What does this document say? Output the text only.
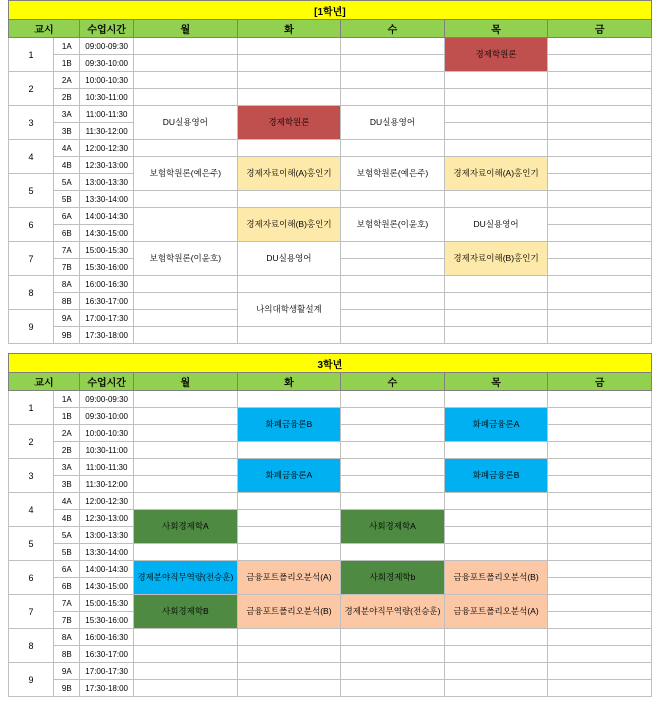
	[1학년]							
	교시		수업시간	월	화	수	목	금
	1	1A	09:00-09:30				경제학원론	
		1B	09:30-10:00					
	2	2A	10:00-10:30					
		2B	10:30-11:00					
	3	3A	11:00-11:30	DU실용영어	경제학원론	DU실용영어		
		3B	11:30-12:00					
	4	4A	12:00-12:30					
		4B	12:30-13:00	보험학원론(예은주)	경제자료이해(A)홍인기	보험학원론(예은주)	경제자료이해(A)홍인기	
	5	5A	13:00-13:30					
		5B	13:30-14:00					
	6	6A	14:00-14:30		경제자료이해(B)홍인기	보험학원론(이윤호)	DU실용영어	
		6B	14:30-15:00					
	7	7A	15:00-15:30	보험학원론(이윤호)	DU실용영어		경제자료이해(B)홍인기	
		7B	15:30-16:00					
	8	8A	16:00-16:30					
		8B	16:30-17:00		나의대학생활설계			
	9	9A	17:00-17:30					
		9B	17:30-18:00					
	3학년							
	교시		수업시간	월	화	수	목	금
	1	1A	09:00-09:30					
		1B	09:30-10:00		화폐금융론B		화폐금융론A	
	2	2A	10:00-10:30					
		2B	10:30-11:00					
	3	3A	11:00-11:30		화폐금융론A		화폐금융론B	
		3B	11:30-12:00					
	4	4A	12:00-12:30					
		4B	12:30-13:00	사회경제학A		사회경제학A		
	5	5A	13:00-13:30					
		5B	13:30-14:00					
	6	6A	14:00-14:30	경제분야직무역량(전승훈)	금융포트폴리오분석(A)	사회경제학b	금융포트폴리오분석(B)	
		6B	14:30-15:00					
	7	7A	15:00-15:30	사회경제학B	금융포트폴리오분석(B)	경제분야직무역량(전승훈)	금융포트폴리오분석(A)	
		7B	15:30-16:00					
	8	8A	16:00-16:30					
		8B	16:30-17:00					
	9	9A	17:00-17:30					
		9B	17:30-18:00					
